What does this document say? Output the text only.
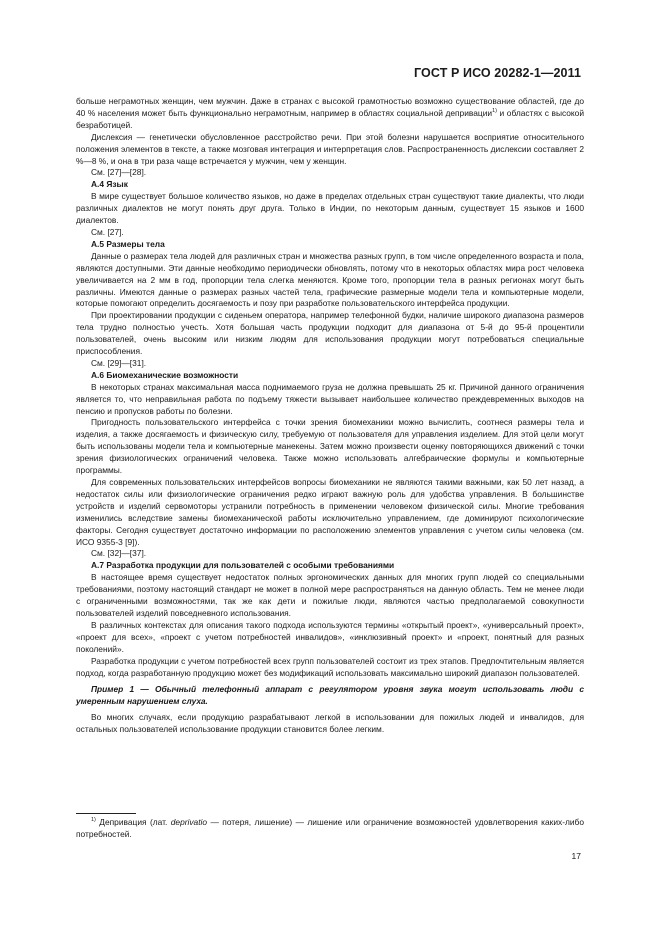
ГОСТ Р ИСО 20282-1—2011

больше неграмотных женщин, чем мужчин. Даже в странах с высокой грамотностью возможно существование областей, где до 40 % населения может быть функционально неграмотным, например в областях социальной депривации$^{1)}$ и областях с высокой безработицей.

Дислексия — генетически обусловленное расстройство речи. При этой болезни нарушается восприятие относительного положения элементов в тексте, а также мозговая интеграция и интерпретация слов. Распространенность дислексии составляет 2 %—8 %, и она в три раза чаще встречается у мужчин, чем у женщин.

См. [27]—[28].

А.4 Язык

В мире существует большое количество языков, но даже в пределах отдельных стран существуют такие диалекты, что люди различных диалектов не могут понять друг друга. Только в Индии, по некоторым данным, существует 15 языков и 1600 диалектов.

См. [27].

А.5 Размеры тела

Данные о размерах тела людей для различных стран и множества разных групп, в том числе определенного возраста и пола, являются доступными. Эти данные необходимо периодически обновлять, потому что в некоторых областях мира рост человека увеличивается на 2 мм в год, пропорции тела слегка меняются. Кроме того, пропорции тела в разных регионах могут быть различны. Имеются данные о размерах разных частей тела, графические размерные модели тела и компьютерные модели, которые помогают определить досягаемость и позу при разработке пользовательского интерфейса продукции.

При проектировании продукции с сиденьем оператора, например телефонной будки, наличие широкого диапазона размеров тела трудно полностью учесть. Хотя большая часть продукции подходит для диапазона от 5-й до 95-й процентили пользователей, очень высоким или низким людям для использования продукции могут потребоваться специальные приспособления.

См. [29]—[31].

А.6 Биомеханические возможности

В некоторых странах максимальная масса поднимаемого груза не должна превышать 25 кг. Причиной данного ограничения является то, что неправильная работа по подъему тяжести вызывает наибольшее количество преждевременных выходов на пенсию и пропусков работы по болезни.

Пригодность пользовательского интерфейса с точки зрения биомеханики можно вычислить, соотнеся размеры тела и изделия, а также досягаемость и физическую силу, требуемую от пользователя для управления изделием. Для этой цели могут быть использованы модели тела и компьютерные манекены. Затем можно произвести оценку повторяющихся движений с точки зрения физиологических ограничений человека. Также можно использовать алгебраические формулы и компьютерные программы.

Для современных пользовательских интерфейсов вопросы биомеханики не являются такими важными, как 50 лет назад, а недостаток силы или физиологические ограничения редко играют важную роль для удобства управления. В большинстве устройств и изделий сервомоторы устранили потребность в применении человеком физической силы. Многие требования изменились вследствие замены биомеханической работы исключительно управлением, где доминируют психологические факторы. Сегодня существует достаточно информации по расположению элементов управления с учетом силы человека (см. ИСО 9355-3 [9]).

См. [32]—[37].

А.7 Разработка продукции для пользователей с особыми требованиями

В настоящее время существует недостаток полных эргономических данных для многих групп людей со специальными требованиями, поэтому настоящий стандарт не может в полной мере распространяться на данную область. Тем не менее люди с ограниченными возможностями, так же как дети и пожилые люди, являются частью предполагаемой совокупности пользователей изделий повседневного использования.

В различных контекстах для описания такого подхода используются термины «открытый проект», «универсальный проект», «проект для всех», «проект с учетом потребностей инвалидов», «инклюзивный проект» и «проект, понятный для разных поколений».

Разработка продукции с учетом потребностей всех групп пользователей состоит из трех этапов. Предпочтительным является подход, когда разработанную продукцию может без модификаций использовать максимально широкий диапазон пользователей.

Пример 1 — Обычный телефонный аппарат с регулятором уровня звука могут использовать люди с умеренным нарушением слуха.

Во многих случаях, если продукцию разрабатывают легкой в использовании для пожилых людей и инвалидов, для остальных пользователей использование продукции становится более легким.

$^{1)}$ Депривация (лат. deprivatio — потеря, лишение) — лишение или ограничение возможностей удовлетворения каких-либо потребностей.
17
